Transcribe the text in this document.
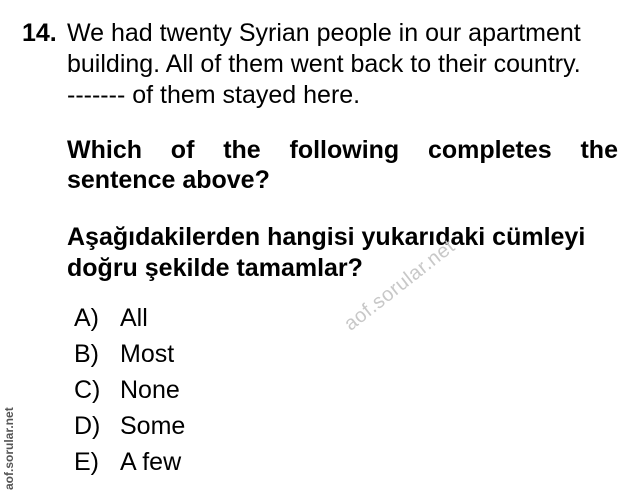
14. We had twenty Syrian people in our apartment
building. All of them went back to their country.
------- of them stayed here.
Which of the following completes the
sentence above?
Aşağıdakilerden hangisi yukarıdaki cümleyi
doğru şekilde tamamlar?
A) All
B) Most
C) None
D) Some
E) A few
aof.sorular.net
aof.sorular.net
